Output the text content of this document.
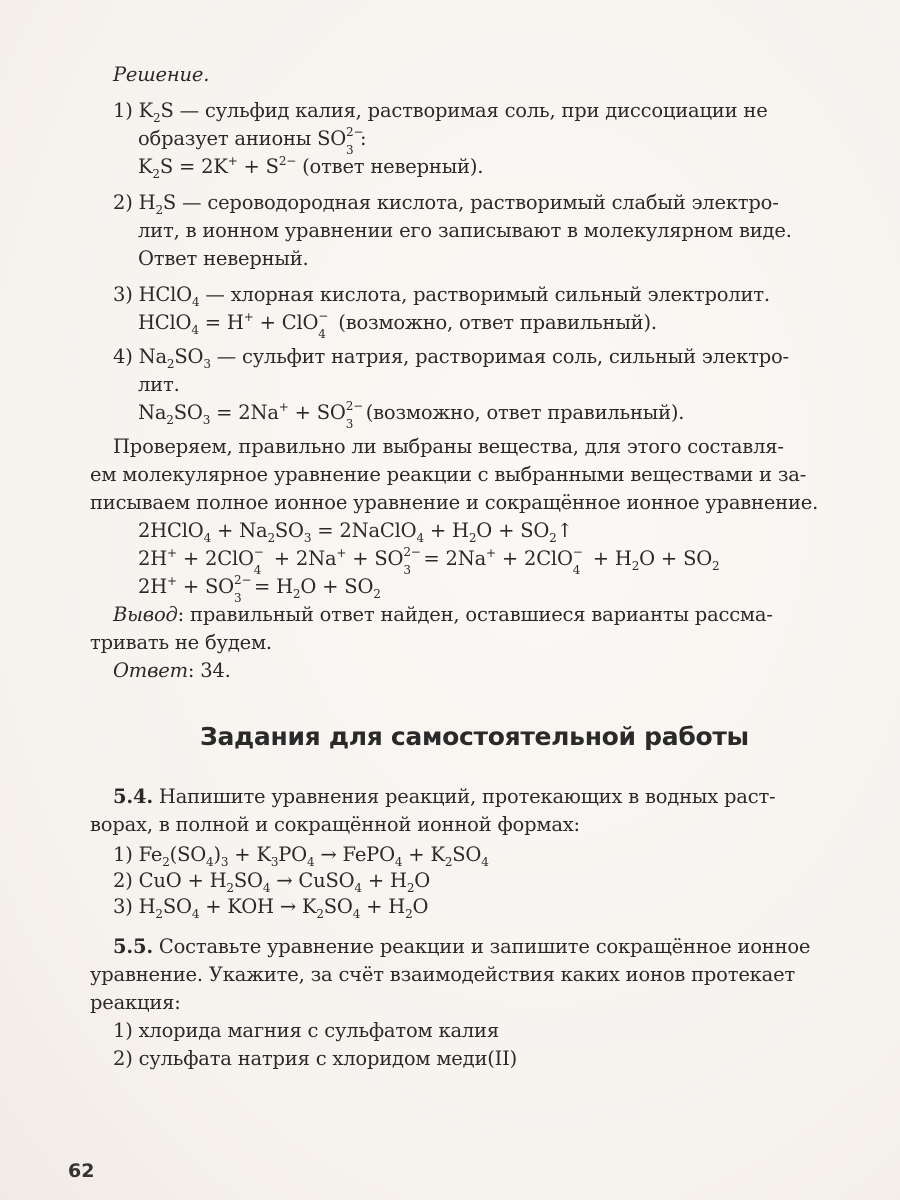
Решение.
1) $K_2S$ — сульфид калия, растворимая соль, при диссоциации не
образует анионы SO 2−
3 :
$K_2S = 2K^+ + S^{2-}$ (ответ неверный).
2) $H_2S$ — сероводородная кислота, растворимый слабый электро-
лит, в ионном уравнении его записывают в молекулярном виде.
Ответ неверный.
3) HClO$_4$ — хлорная кислота, растворимый сильный электролит.
HClO$_4$ = H+ + ClO −
4 (возможно, ответ правильный).
4) $Na_2SO_3$ — сульфит натрия, растворимая соль, сильный электро-
лит.
$Na_2SO_3 = 2Na^+$ + SO 2−
3 (возможно, ответ правильный).
Проверяем, правильно ли выбраны вещества, для этого составля-
ем молекулярное уравнение реакции с выбранными веществами и за-
писываем полное ионное уравнение и сокращённое ионное уравнение.
2HClO$_4$ + $Na_2SO_3$ = 2NaClO$_4$ + $H_2O$ + $SO_2↑$
2H+ + 2ClO −
4 + 2Na+ + SO 2−
3 = 2Na+ + 2ClO −
$4 + H_2O + SO_2$
2H+ + SO 2−
$3 = H_2O + SO_2$
Вывод: правильный ответ найден, оставшиеся варианты рассма-
тривать не будем.
Ответ: 34.
Задания для самостоятельной работы
5.4. Напишите уравнения реакций, протекающих в водных раст-
ворах, в полной и сокращённой ионной формах:
1) $Fe_2(SO_4)_3 + K_3PO_4$ → FePO$_4$ + $K_2SO_4$
2) CuO + $H_2SO_4$ → CuSO$_4$ + $H_2O$
3) $H_2SO_4$ + KOH → $K_2SO_4 + H_2O$
5.5. Составьте уравнение реакции и запишите сокращённое ионное
уравнение. Укажите, за счёт взаимодействия каких ионов протекает
реакция:
1) хлорида магния с сульфатом калия
2) сульфата натрия с хлоридом меди(II)
62
